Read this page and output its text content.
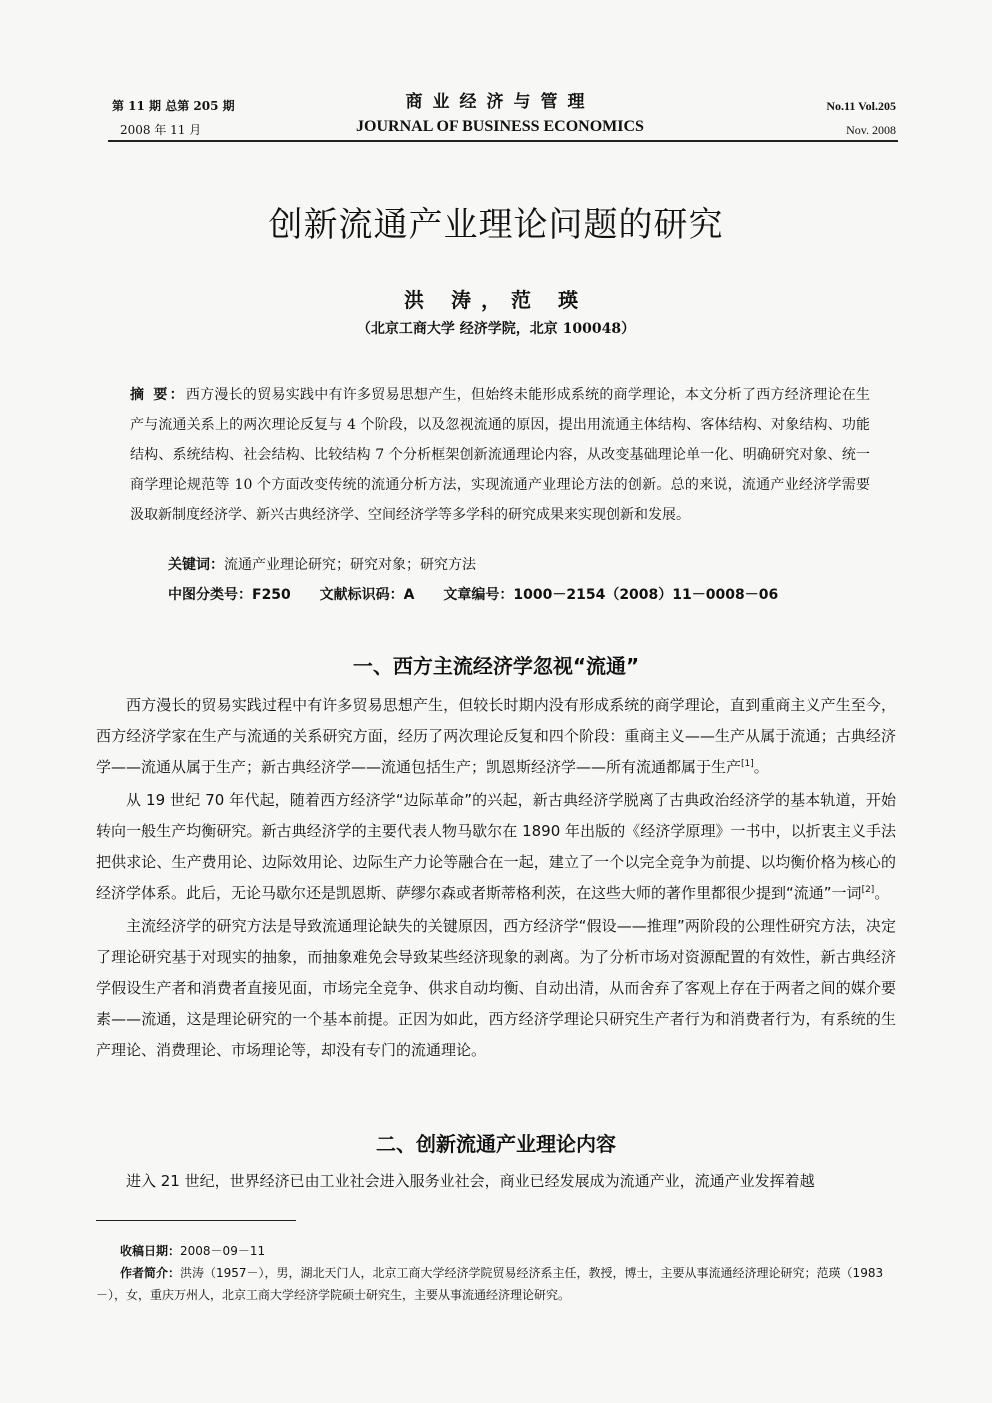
第 11 期 总第 205 期
2008 年 11 月
商业经济与管理
JOURNAL OF BUSINESS ECONOMICS
No.11 Vol.205
Nov. 2008
创新流通产业理论问题的研究
洪 涛，范 瑛
（北京工商大学 经济学院，北京 100048）
摘 要：西方漫长的贸易实践中有许多贸易思想产生，但始终未能形成系统的商学理论，本文分析了西方经济理论在生产与流通关系上的两次理论反复与 4 个阶段，以及忽视流通的原因，提出用流通主体结构、客体结构、对象结构、功能结构、系统结构、社会结构、比较结构 7 个分析框架创新流通理论内容，从改变基础理论单一化、明确研究对象、统一商学理论规范等 10 个方面改变传统的流通分析方法，实现流通产业理论方法的创新。总的来说，流通产业经济学需要汲取新制度经济学、新兴古典经济学、空间经济学等多学科的研究成果来实现创新和发展。
关键词：流通产业理论研究；研究对象；研究方法
中图分类号：F250 文献标识码：A 文章编号：1000－2154（2008）11－0008－06
一、西方主流经济学忽视“流通”

西方漫长的贸易实践过程中有许多贸易思想产生，但较长时期内没有形成系统的商学理论，直到重商主义产生至今，西方经济学家在生产与流通的关系研究方面，经历了两次理论反复和四个阶段：重商主义——生产从属于流通；古典经济学——流通从属于生产；新古典经济学——流通包括生产；凯恩斯经济学——所有流通都属于生产[1]。

从 19 世纪 70 年代起，随着西方经济学“边际革命”的兴起，新古典经济学脱离了古典政治经济学的基本轨道，开始转向一般生产均衡研究。新古典经济学的主要代表人物马歇尔在 1890 年出版的《经济学原理》一书中，以折衷主义手法把供求论、生产费用论、边际效用论、边际生产力论等融合在一起，建立了一个以完全竞争为前提、以均衡价格为核心的经济学体系。此后，无论马歇尔还是凯恩斯、萨缪尔森或者斯蒂格利茨，在这些大师的著作里都很少提到“流通”一词[2]。

主流经济学的研究方法是导致流通理论缺失的关键原因，西方经济学“假设——推理”两阶段的公理性研究方法，决定了理论研究基于对现实的抽象，而抽象难免会导致某些经济现象的剥离。为了分析市场对资源配置的有效性，新古典经济学假设生产者和消费者直接见面，市场完全竞争、供求自动均衡、自动出清，从而舍弃了客观上存在于两者之间的媒介要素——流通，这是理论研究的一个基本前提。正因为如此，西方经济学理论只研究生产者行为和消费者行为，有系统的生产理论、消费理论、市场理论等，却没有专门的流通理论。

二、创新流通产业理论内容

进入 21 世纪，世界经济已由工业社会进入服务业社会，商业已经发展成为流通产业，流通产业发挥着越

收稿日期：2008－09－11

作者简介：洪涛（1957－），男，湖北天门人，北京工商大学经济学院贸易经济系主任，教授，博士，主要从事流通经济理论研究；范瑛（1983－），女，重庆万州人，北京工商大学经济学院硕士研究生，主要从事流通经济理论研究。
